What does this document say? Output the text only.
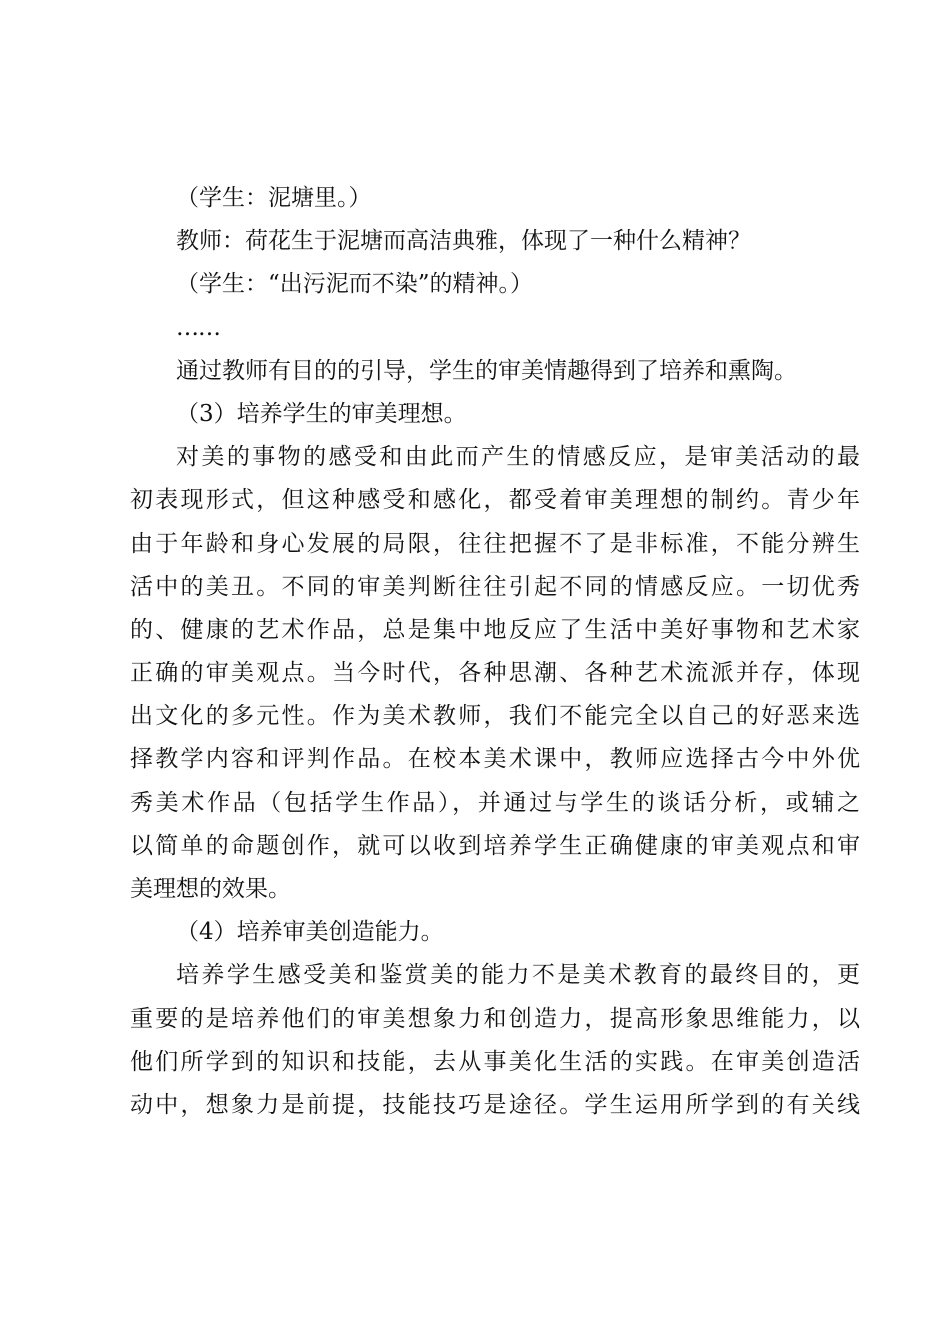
（学生：泥塘里。）
教师：荷花生于泥塘而高洁典雅，体现了一种什么精神？
（学生：“出污泥而不染”的精神。）
……
通过教师有目的的引导，学生的审美情趣得到了培养和熏陶。
（3）培养学生的审美理想。
对美的事物的感受和由此而产生的情感反应，是审美活动的最
初表现形式，但这种感受和感化，都受着审美理想的制约。青少年
由于年龄和身心发展的局限，往往把握不了是非标准，不能分辨生
活中的美丑。不同的审美判断往往引起不同的情感反应。一切优秀
的、健康的艺术作品，总是集中地反应了生活中美好事物和艺术家
正确的审美观点。当今时代，各种思潮、各种艺术流派并存，体现
出文化的多元性。作为美术教师，我们不能完全以自己的好恶来选
择教学内容和评判作品。在校本美术课中，教师应选择古今中外优
秀美术作品（包括学生作品），并通过与学生的谈话分析，或辅之
以简单的命题创作，就可以收到培养学生正确健康的审美观点和审
美理想的效果。
（4）培养审美创造能力。
培养学生感受美和鉴赏美的能力不是美术教育的最终目的，更
重要的是培养他们的审美想象力和创造力，提高形象思维能力，以
他们所学到的知识和技能，去从事美化生活的实践。在审美创造活
动中，想象力是前提，技能技巧是途径。学生运用所学到的有关线
